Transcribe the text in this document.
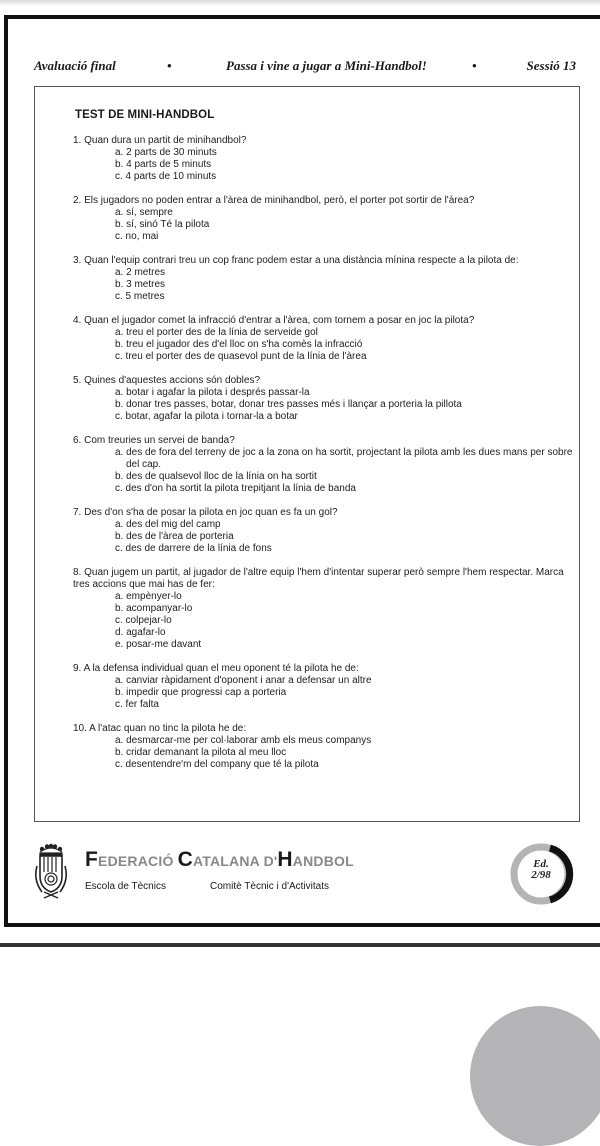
Avaluació final	•	Passa i vine a jugar a Mini-Handbol!	•	Sessió 13
TEST DE MINI-HANDBOL
1. Quan dura un partit de minihandbol?
a. 2 parts de 30 minuts
b. 4 parts de 5 minuts
c. 4 parts de 10 minuts
2. Els jugadors no poden entrar a l'àrea de minihandbol, però, el porter pot sortir de l'àrea?
a. sí, sempre
b. sí, sinó Té la pilota
c. no, mai
3. Quan l'equip contrari treu un cop franc podem estar a una distància mínina respecte a la pilota de:
a. 2 metres
b. 3 metres
c. 5 metres
4. Quan el jugador comet la infracció d'entrar a l'àrea, com tornem a posar en joc la pilota?
a. treu el porter des de la línia de serveide gol
b. treu el jugador des d'el lloc on s'ha comès la infracció
c. treu el porter des de quasevol punt de la línia de l'àrea
5. Quines d'aquestes accions són dobles?
a. botar i agafar la pilota i després passar-la
b. donar tres passes, botar, donar tres passes més i llançar a porteria la pillota
c. botar, agafar la pilota i tornar-la a botar
6. Com treuries un servei de banda?
a. des de fora del terreny de joc a la zona on ha sortit, projectant la pilota amb les dues mans per sobre del cap.
b. des de qualsevol lloc de la línia on ha sortit
c. des d'on ha sortit la pilota trepitjant la línia de banda
7. Des d'on s'ha de posar la pilota en joc quan es fa un gol?
a. des del mig del camp
b. des de l'àrea de porteria
c. des de darrere de la línia de fons
8. Quan jugem un partit, al jugador de l'altre equip l'hem d'intentar superar però sempre l'hem respectar. Marca tres accions que mai has de fer:
a. empènyer-lo
b. acompanyar-lo
c. colpejar-lo
d. agafar-lo
e. posar-me davant
9. A la defensa individual quan el meu oponent té la pilota he de:
a. canviar ràpidament d'oponent i anar a defensar un altre
b. impedir que progressi cap a porteria
c. fer falta
10. A l'atac quan no tinc la pilota he de:
a. desmarcar-me per col·laborar amb els meus companys
b. cridar demanant la pilota al meu lloc
c. desentendre'm del company que té la pilota
FEDERACIÓ CATALANA D'HANDBOL
Escola de Tècnics	Comitè Tècnic i d'Activitats
Ed.
2/98
